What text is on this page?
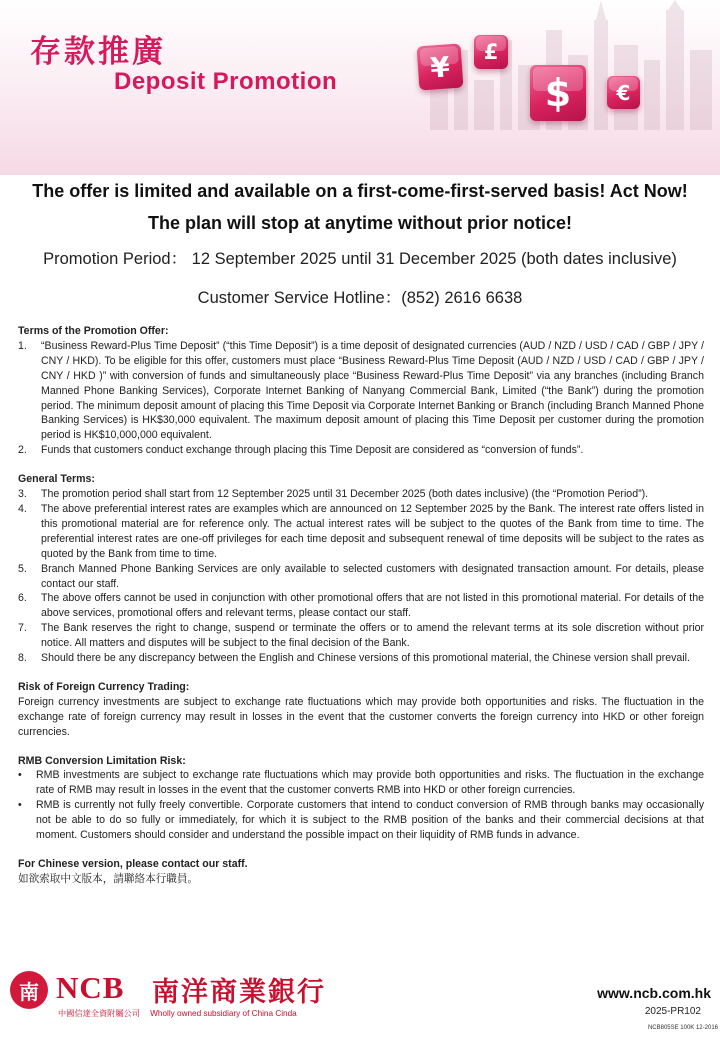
存款推廣
Deposit Promotion	¥	£
$	€
The offer is limited and available on a first-come-first-served basis! Act Now!
The plan will stop at anytime without prior notice!
Promotion Period： 12 September 2025 until 31 December 2025 (both dates inclusive)
Customer Service Hotline：(852) 2616 6638
Terms of the Promotion Offer:
1.	“Business Reward-Plus Time Deposit” (“this Time Deposit”) is a time deposit of designated currencies (AUD / NZD / USD / CAD / GBP / JPY / CNY / HKD). To be eligible for this offer, customers must place “Business Reward-Plus Time Deposit (AUD / NZD / USD / CAD / GBP / JPY / CNY / HKD )” with conversion of funds and simultaneously place “Business Reward-Plus Time Deposit” via any branches (including Branch Manned Phone Banking Services), Corporate Internet Banking of Nanyang Commercial Bank, Limited (“the Bank”) during the promotion period. The minimum deposit amount of placing this Time Deposit via Corporate Internet Banking or Branch (including Branch Manned Phone Banking Services) is HK$30,000 equivalent. The maximum deposit amount of placing this Time Deposit per customer during the promotion period is HK$10,000,000 equivalent.
2.	Funds that customers conduct exchange through placing this Time Deposit are considered as “conversion of funds”.
General Terms:
3.	The promotion period shall start from 12 September 2025 until 31 December 2025 (both dates inclusive) (the “Promotion Period”).
4.	The above preferential interest rates are examples which are announced on 12 September 2025 by the Bank. The interest rate offers listed in this promotional material are for reference only. The actual interest rates will be subject to the quotes of the Bank from time to time. The preferential interest rates are one-off privileges for each time deposit and subsequent renewal of time deposits will be subject to the rates as quoted by the Bank from time to time.
5.	Branch Manned Phone Banking Services are only available to selected customers with designated transaction amount. For details, please contact our staff.
6.	The above offers cannot be used in conjunction with other promotional offers that are not listed in this promotional material. For details of the above services, promotional offers and relevant terms, please contact our staff.
7.	The Bank reserves the right to change, suspend or terminate the offers or to amend the relevant terms at its sole discretion without prior notice. All matters and disputes will be subject to the final decision of the Bank.
8.	Should there be any discrepancy between the English and Chinese versions of this promotional material, the Chinese version shall prevail.
Risk of Foreign Currency Trading:
Foreign currency investments are subject to exchange rate fluctuations which may provide both opportunities and risks. The fluctuation in the exchange rate of foreign currency may result in losses in the event that the customer converts the foreign currency into HKD or other foreign currencies.
RMB Conversion Limitation Risk:
•	RMB investments are subject to exchange rate fluctuations which may provide both opportunities and risks. The fluctuation in the exchange rate of RMB may result in losses in the event that the customer converts RMB into HKD or other foreign currencies.
•	RMB is currently not fully freely convertible. Corporate customers that intend to conduct conversion of RMB through banks may occasionally not be able to do so fully or immediately, for which it is subject to the RMB position of the banks and their commercial decisions at that moment. Customers should consider and understand the possible impact on their liquidity of RMB funds in advance.
For Chinese version, please contact our staff.
如欲索取中文版本，請聯絡本行職員。
南 NCB 南洋商業銀行
中國信達全資附屬公司 Wholly owned subsidiary of China Cinda
www.ncb.com.hk
2025-PR102
NCB805SE 100K 12-2016
